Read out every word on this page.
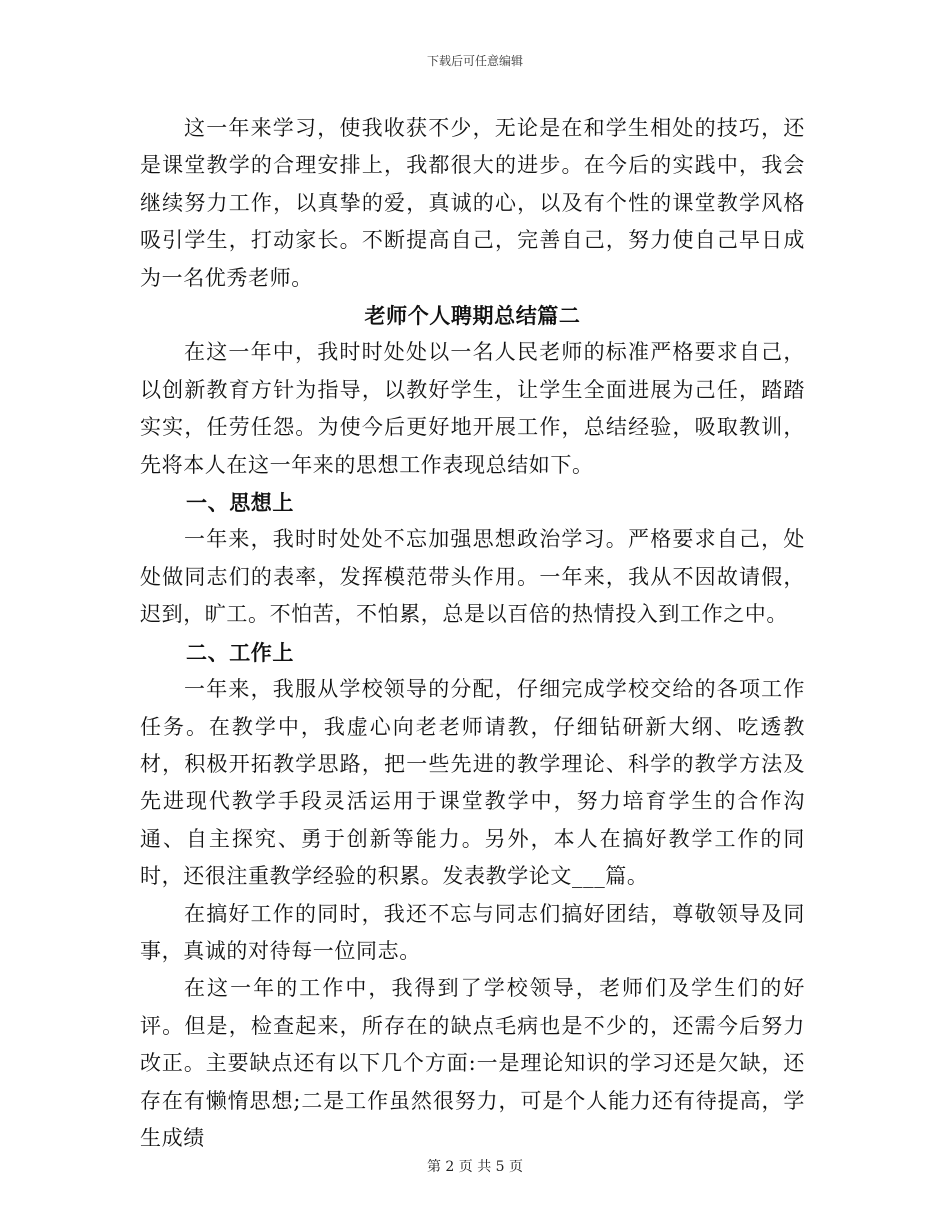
下载后可任意编辑

这一年来学习，使我收获不少，无论是在和学生相处的技巧，还是课堂教学的合理安排上，我都很大的进步。在今后的实践中，我会继续努力工作，以真挚的爱，真诚的心，以及有个性的课堂教学风格吸引学生，打动家长。不断提高自己，完善自己，努力使自己早日成为一名优秀老师。

老师个人聘期总结篇二

在这一年中，我时时处处以一名人民老师的标准严格要求自己，以创新教育方针为指导，以教好学生，让学生全面进展为己任，踏踏实实，任劳任怨。为使今后更好地开展工作，总结经验，吸取教训，先将本人在这一年来的思想工作表现总结如下。

一、思想上

一年来，我时时处处不忘加强思想政治学习。严格要求自己，处处做同志们的表率，发挥模范带头作用。一年来，我从不因故请假，迟到，旷工。不怕苦，不怕累，总是以百倍的热情投入到工作之中。

二、工作上

一年来，我服从学校领导的分配，仔细完成学校交给的各项工作任务。在教学中，我虚心向老老师请教，仔细钻研新大纲、吃透教材，积极开拓教学思路，把一些先进的教学理论、科学的教学方法及先进现代教学手段灵活运用于课堂教学中，努力培育学生的合作沟通、自主探究、勇于创新等能力。另外，本人在搞好教学工作的同时，还很注重教学经验的积累。发表教学论文___篇。

在搞好工作的同时，我还不忘与同志们搞好团结，尊敬领导及同事，真诚的对待每一位同志。

在这一年的工作中，我得到了学校领导，老师们及学生们的好评。但是，检查起来，所存在的缺点毛病也是不少的，还需今后努力改正。主要缺点还有以下几个方面:一是理论知识的学习还是欠缺，还存在有懒惰思想;二是工作虽然很努力，可是个人能力还有待提高，学生成绩

第 2 页 共 5 页
